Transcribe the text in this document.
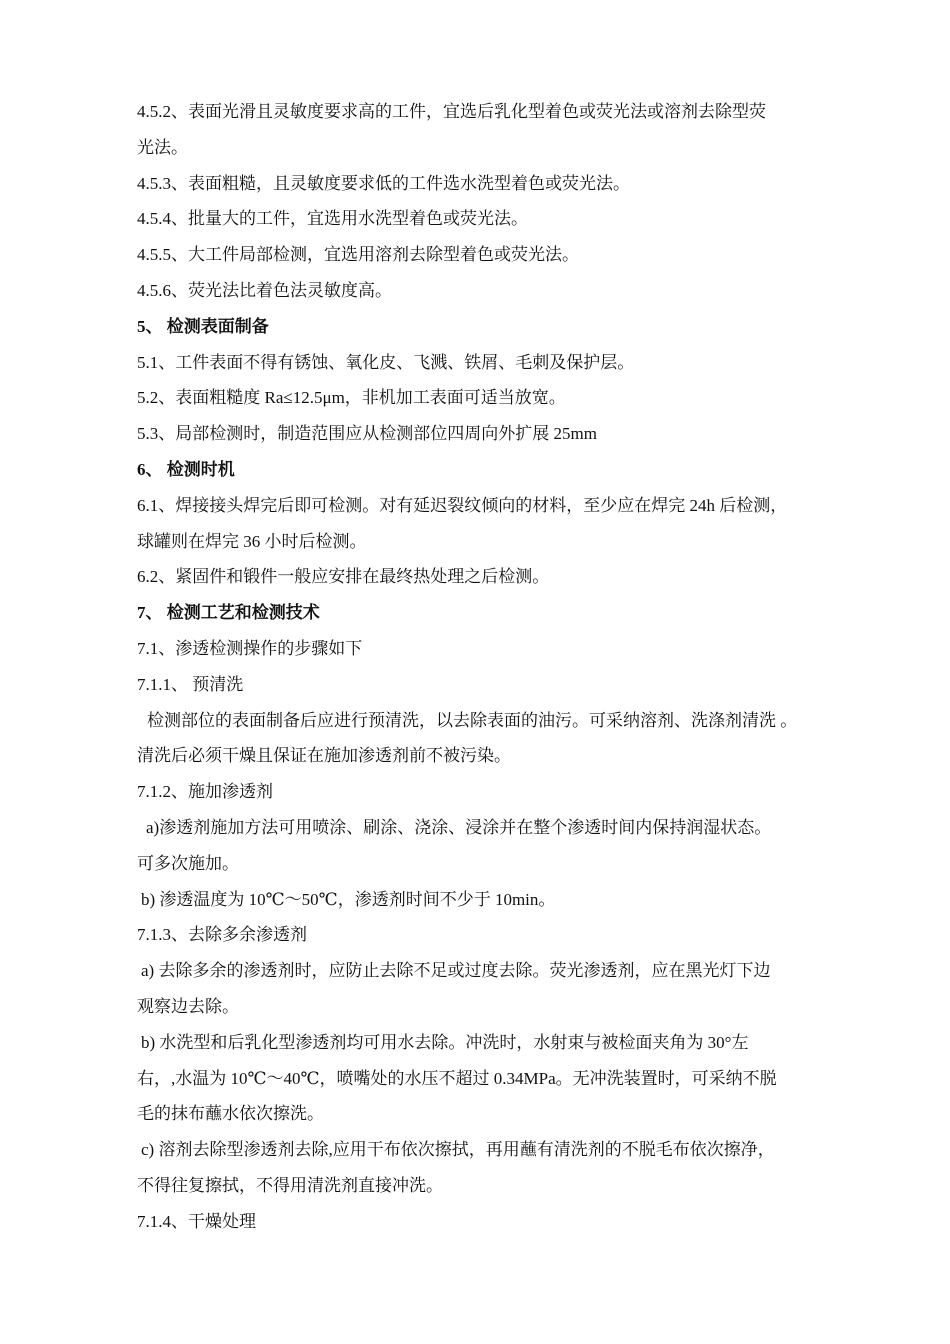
4.5.2、表面光滑且灵敏度要求高的工件，宜选后乳化型着色或荧光法或溶剂去除型荧
光法。
4.5.3、表面粗糙，且灵敏度要求低的工件选水洗型着色或荧光法。
4.5.4、批量大的工件，宜选用水洗型着色或荧光法。
4.5.5、大工件局部检测，宜选用溶剂去除型着色或荧光法。
4.5.6、荧光法比着色法灵敏度高。
5、 检测表面制备
5.1、工件表面不得有锈蚀、氧化皮、飞溅、铁屑、毛刺及保护层。
5.2、表面粗糙度 Ra≤12.5μm，非机加工表面可适当放宽。
5.3、局部检测时，制造范围应从检测部位四周向外扩展 25mm
6、 检测时机
6.1、焊接接头焊完后即可检测。对有延迟裂纹倾向的材料，至少应在焊完 24h 后检测，
球罐则在焊完 36 小时后检测。
6.2、紧固件和锻件一般应安排在最终热处理之后检测。
7、 检测工艺和检测技术
7.1、渗透检测操作的步骤如下
7.1.1、 预清洗
检测部位的表面制备后应进行预清洗，以去除表面的油污。可采纳溶剂、洗涤剂清洗 。
清洗后必须干燥且保证在施加渗透剂前不被污染。
7.1.2、施加渗透剂
a)渗透剂施加方法可用喷涂、刷涂、浇涂、浸涂并在整个渗透时间内保持润湿状态。
可多次施加。
b) 渗透温度为 10℃～50℃，渗透剂时间不少于 10min。
7.1.3、去除多余渗透剂
a) 去除多余的渗透剂时，应防止去除不足或过度去除。荧光渗透剂，应在黑光灯下边
观察边去除。
b) 水洗型和后乳化型渗透剂均可用水去除。冲洗时，水射束与被检面夹角为 30°左
右，,水温为 10℃～40℃，喷嘴处的水压不超过 0.34MPa。无冲洗装置时，可采纳不脱
毛的抹布蘸水依次擦洗。
c) 溶剂去除型渗透剂去除,应用干布依次擦拭，再用蘸有清洗剂的不脱毛布依次擦净，
不得往复擦拭，不得用清洗剂直接冲洗。
7.1.4、干燥处理
